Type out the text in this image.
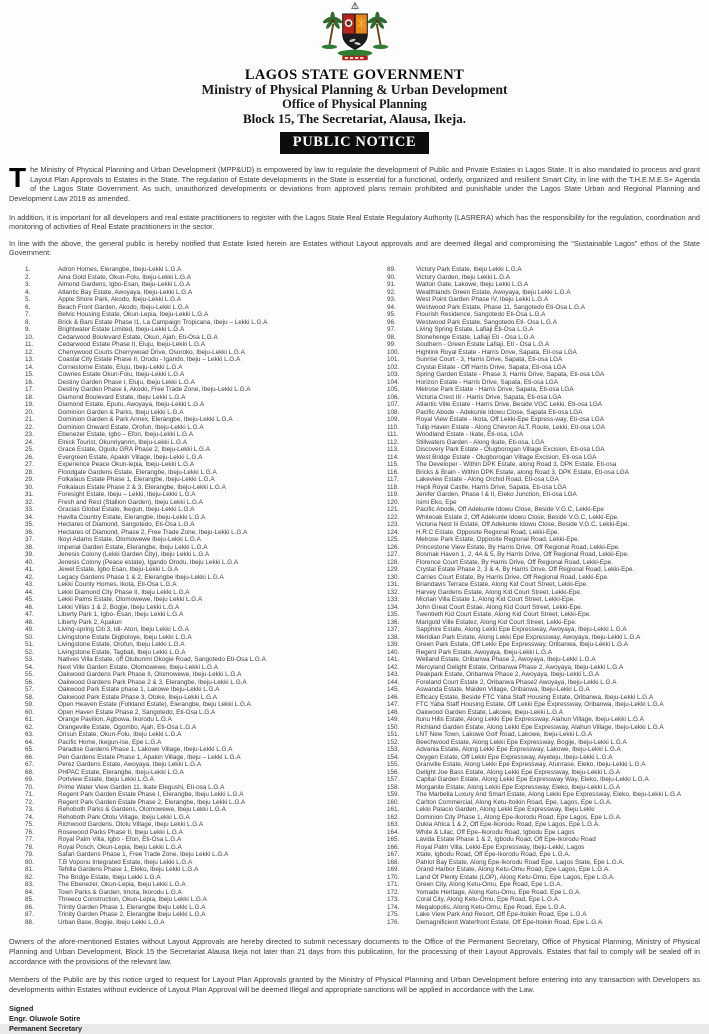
LAGOS STATE GOVERNMENT
Ministry of Physical Planning & Urban Development
Office of Physical Planning
Block 15, The Secretariat, Alausa, Ikeja.
PUBLIC NOTICE
The Ministry of Physical Planning and Urban Development (MPP&UD) is empowered by law to regulate the development of Public and Private Estates in Lagos State. It is also mandated to process and grant Layout Plan Approvals to Estates in the State. The regulation of Estate developments in the State is essential for a functional, orderly, organized and resilient Smart City, in line with the T.H.E.M.E.S+ Agenda of the Lagos State Government. As such, unauthorized developments or deviations from approved plans remain prohibited and punishable under the Lagos State Urban and Regional Planning and Development Law 2019 as amended.
In addition, it is important for all developers and real estate practitioners to register with the Lagos State Real Estate Regulatory Authority (LASRERA) which has the responsibility for the regulation, coordination and monitoring of activities of Real Estate practitioners in the sector.
In line with the above, the general public is hereby notified that Estate listed herein are Estates without Layout approvals and are deemed illegal and compromising the "Sustainable Lagos" ethos of the State Government:
1.	Adron Homes, Elerangbe, Ibeju-Lekki L.G.A
2.	Aina Gold Estate, Okun-Folu, Ibeju-Lekki L.G.A
3.	Almond Gardens, Igbo-Esan, Ibeju-Lekki L.G.A
4.	Atlantic Bay Estate, Awoyaya, Ibeju-Lekki L.G.A
5.	Apple Shore Park, Akodo, Ibeju-Lekki L.G.A
6.	Beach Front Garden, Akodo, Ibeju-Lekki L.G.A
7.	Belvic Housing Estate, Okun-Lepia, Ibeju-Lekki L.G.A
8.	Brick & Bars Estate Phase I1, La Campaign Tropicana, Ibeju – Lekki L.G.A
9.	Brightwater Estate Limited, Ibeju-Lekki L.G.A
10.	Cedarwood Boulevard Estate, Okun, Ajah, Eti-Osa L.G.A
11.	Cedarwood Estate Phase II, Eluju, Ibeju-Lekki L.G.A
12.	Cherrywood Courts Cherrywoad Drive, Osoroko, Ibeju-Lekki L.G.A
13.	Coastal City Estate Phase II, Orudu - Igando, Ibeju – Lekki L.G.A
14.	Cornestorne Estate, Eluju, Ibeju-Lekki L.G.A
15.	Cowries Estate Okun-Folu, Ibeju-Lekki L.G.A
16.	Destiny Garden Phase I, Eluju, Ibeju Lekki L.G.A
17.	Destiny Garden Phase ii, Akodo, Free Trade Zone, Ibeju-Lekki L.G.A
18.	Diamond Boulevard Estate, Ibeju Lekki L.G.A
19.	Diamond Estate, Eputu, Awoyaya, Ibeju-Lekki L.G.A
20.	Dominion Garden & Parks, Ibeju Lekki L.G.A
21.	Dominion Garden & Park Annex, Elerangbe, Ibeju-Lekki L.G.A
22.	Dominion Onward Estate, Orofun, Ibeju-Lekki L.G.A
23.	Ebenezer Estate, Igbo – Efon, Ibeju-Lekki L.G.A
24.	Elnick Tourist, Okunriyanrin, Ibeju-Lekki L.G.A
25.	Grace Estate, Ogudu GRA Phase 2, Ibeju-Lekki L.G.A
26.	Evergreen Estate, Apakin Village, Ibeju-Lekki L.G.A
27.	Experience Peace Okun-lepia, Ibeju-Lekki L.G.A
28.	Floodgate Gardens Estate, Elerangbe, Ibeju-Lekki L.G.A
29.	Folkalaus Estate Phase 1, Elerangbe, Ibeju-Lekki L.G.A
30.	Folkalaus Estate Phase 2 & 3, Elerangbe, Ibeju-Lekki L.G.A
31.	Foresight Estate, Ibeju – Lekki, Ibeju-Lekki L.G.A
32.	Fresh and Rest (Stallion Garden), Ibeju Lekki L.G.A
33.	Gracias Global Estate, Ikegun, Ibeju-Lekki L.G.A
34.	Havilla Country Estate, Elerangbe, Ibeju-Lekki L.G.A
35.	Hectares of Diamond, Sangotedo, Eti-Osa L.G.A
36.	Hectares of Diamond, Phase 2, Free Trade Zone, Ibeju-Lekki L.G.A
37.	Ikoyi Adams Estate, Olomowewe Ibeju-Lekki L.G.A
38.	Imperial Garden Estate, Elerangbe, Ibeju Lekki L.G.A
39.	Jenesis Colony (Lekki Garden City), Ibeju Lekki L.G.A
40.	Jenesis Colony (Peace estate), Igando Orodu, Ibeju Lekki L.G.A
41.	Jewel Estate, Igbo Esan, Ibeju-Lekki L.G.A
42.	Legacy Gardens Phase 1 & 2, Elerangbe Ibeju-Lekki L.G.A
43.	Lekki County Homes, Ikota, Eti-Osa L.G.A
44.	Lekki Diamond City Phase II, Ibeju Lekki L.G.A
45.	Lekki Palms Estate, Olomowewe, Ibeju Lekki L.G.A
46.	Lekki Villas 1 & 2, Bogije, Ibeju Lekki L.G.A
47.	Liberty Park 1, Igbo- Esan, Ibeju Lekki L.G.A
48.	Liberty Park 2, Apakun
49.	Living-spring Citi 3, Idi- Atori, Ibeju Lekki L.G.A
50.	Livingstone Estate Digboloye, Ibeju Lekki L.G.A
51.	Livingstone Estate, Orofun, Ibeju Lekki L.G.A
52.	Livingstone Estate, Tagbati, Ibeju Lekki L.G.A
53.	Natives Villa Estate, off Olubunmi Okogie Road, Sangotedo Eti-Osa L.G.A
54.	Next Ville Garden Estate, Olomowewe, Ibeju-Lekki L.G.A
55.	Oakwood Gardens Park Phase II, Olomowewe, Ibeju-Lekki L.G.A
56.	Oakwood Gardens Park Phase 2 & 3, Elerangbe, Ibeju-Lekki L.G.A
57.	Oakwood Park Estate phase 1, Lakowe Ibeju-Lekki L.G.A
58.	Oakwood Park Estate Phase 3, Otoke, Ibeju-Lekki L.G.A
59.	Open Heaven Estate (Folkland Estate), Elerangbe, Ibeju Lekki L.G.A
60.	Open Haven Estate Phase 2, Sangotedo, Eti-Osa L.G.A
61.	Orange Pavilion, Agbowa, Ikorodu L.G.A
62.	Orangeville Estate, Ogombo, Ajah, Eti-Osa L.G.A
63.	Orisun Estate, Okun-Folu, Ibeju Lekki L.G.A
64.	Pacific Home, Ikegun-Ise, Epe L.G.A
65.	Paradise Gardens Phase 1, Lakowe Village, Ibeju-Lekki L.G.A
66.	Pen Gardens Estate Phase 1, Apakin Village, Ibeju – Lekki L.G.A
67.	Perez Gardens Estate, Awoyaya, Ibeju Lekki L.G.A
68.	PHPAC Estate, Elerangbe, Ibeju-Lekki L.G.A
69.	Portview Estate, Ibeju Lekki L.G.A
70.	Prime Water View Garden 11, Ikate Elegushi, Eti-osa L.G.A
71.	Regent Park Garden Estate Phase I, Elerangbe, Ibeju Lekki L.G.A
72.	Regent Park Garden Estate Phase 2, Elerangbe, Ibeju Lekki L.G.A
73.	Rehoboth Parks & Gardens, Olomowewe, Ibeju Lekki L.G.A
74.	Rehoboth Park Otolu Village, Ibeju Lekki L.G.A
75.	Richwood Gardens, Otolu Village, Ibeju Lekki L.G.A
76.	Rosewood Parks Phase II, Ibeju Lekki L.G.A
77.	Royal Palm Villa, Igbo - Efon, Eti-Osa L.G.A
78.	Royal Posch, Okun-Lepia, Ibeju Lekki L.G.A
79.	Safari Gardens Phase 1, Free Trade Zone, Ibeju Lekki L.G.A
80.	T.B Voponu Integrated Estate, Ibeju Lekki L.G.A
81.	Tehilla Gardens Phase 1, Eleko, Ibeju Lekki L.G.A
82.	The Bridge Estate, Ibeju Lekki L.G.A
83.	The Ebenezer, Okun-Lepia, Ibeju Lekki L.G.A
84.	Town Parks & Garden, Imota, Ikorodu L.G.A
85.	Threeco Construction, Okun-Lepia, Ibeju Lekki L.G.A
86.	Trinity Garden Phase 1, Elerangbe Ibeju Lekki L.G.A
87.	Trinity Garden Phase 2, Elerangbe Ibeju Lekki L.G.A
88.	Urban Base, Bogije, Ibeju Lekki L.G.A
89.	Victory Park Estate, Ibeju Lekki L.G.A
90.	Victory Garden, Ibeju Lekki L.G.A
91.	Walton Gate, Lakowe, Ibeju Lekki L.G.A
92.	Wealthlands Green Estate, Awoyaya, Ibeju Lekki L.G.A
93.	West Point Garden Phase IV, Ibeju Lekki L.G.A
94.	Westwood Park Estate, Phase 11, Sangotedo Eti-Osa L.G.A
95.	Flourish Residence, Sangotedo Eti-Osa L.G.A
96.	Westwood Park Estate, Sangotedo Eti- Osa L.G.A
97.	Living Spring Estate, Lafiaji Eti-Osa L.G.A
98.	Stonehenge Estate, Lafiaji Eti - Osa L.G.A
99.	Southern - Green Estate Lafiaji, Eti - Osa L.G.A
100.	Highlink Royal Estate - Harris Drive, Sapata, Eti-osa LGA
101.	Sunrise Court - 3, Harris Drive, Sapata, Eti-osa LGA
102.	Crystal Estate - Off Harris Drive, Sapata, Eti-osa LGA
103.	Spring Garden Estate - Phase 3, Harris Drive, Sapata, Eti-osa LGA
104.	Horizon Estate - Harris Drive, Sapata, Eti-osa LGA
105.	Melrose Park Estate - Harris Drive, Sapata, Eti-osa LGA
106.	Victoria Crest III - Harris Drive, Sapata, Eti-osa LGA
107.	Atlantic Ville Estate - Harris Drive, Beside VGC Lekki, Eti-osa LGA
108.	Pacific Abode - Adekunle Idowu Close, Sapata Eti-osa LGA
109.	Royal View Estate - Ikota, Off Lekki-Epe Express-way, Eti-osa LGA
110.	Tulip Haven Estate - Along Chevron ALT. Route, Lekki, Eti-osa LGA
111.	Woodland Estate - Ikate, Eti-osa, LGA
112.	Stillwaters Garden - Along Ikate, Eti-osa, LGA
113.	Discovery Park Estate - Olugborogan Village Excision, Eti-osa LGA
114.	West Bridge Estate - Olugborogan Village Excision, Eti-osa LGA
115.	The Developer - Within DPK Estate, along Road 3, DPK Estate, Eti-osa
116.	Bricks & Brain - Within DPK Estate, along Road 3, DPK Estate, Eti-osa LGA
117.	Lakeview Estate - Along Orchid Road, Eti-osa LGA
118.	Hepli Royal Castle, Harris Drive, Sapata, Eti-osa LGA
119.	Jenifer Garden, Phase I & II, Eleko Junction, Eti-osa LGA
120.	Isimi Eko, Epe
121.	Pacific Abode, Off Adekunle Idowu Close, Beside V.G.C, Lekki-Epe
122.	Whiteoak Estate 2, Off Adekunle Idowu Close, Beside V.G.C, Lekki-Epe.
123.	Victoria Nest Iii Estate, Off Adekunle Idowu Close, Beside V.G.C, Lekki-Epe.
124.	H.R.C Estate, Opposite Regional Road, Lekki-Epe.
125.	Melrose Park Estate, Opposite Regional Road, Lekki-Epe.
126.	Princestone View Estate, By Harris Drive, Off Regional Road, Lekki-Epe.
127.	Bosmak Haven 1, 2, 4A & 5, By Harris Drive, Off Regional Road, Lekki-Epe.
128.	Florence Court Estate, By Harris Drive, Off Regional Road, Lekki-Epe.
129.	Crystal Estate Phase 2, 3 & 4, By Harris Drive, Off Regional Road, Lekki-Epe.
130.	Carries Court Estate, By Harris Drive, Off Regional Road, Lekki-Epe.
131.	Briandavis Terrace Estate, Along Kid Court Street, Lekki-Epe.
132.	Harvey Gardens Estate, Along Kid Court Street, Lekki-Epe.
133.	Micrian Villa Estate 1, Along Kid Court Street, Lekki-Epe.
134.	John Great Court Estae, Along Kid Court Street, Lekki-Epe.
135.	Twentieth Kid Court Estate, Along Kid Court Street, Lekki-Epe.
136.	Marigold Ville Estatez, Along Kid Court Street, Lekki-Epe.
137.	Sapphire Estate, Along Lekki Epe Expressway, Awoyaya, Ibeju-Lekki L.G.A
138.	Meridian Park Estate, Along Lekki Epe Expressway, Awoyaya, Ibeju-Lekki L.G.A
139.	Green Park Estate, Off Lekki Epe Expressway, Oribanwa, Ibeju-Lekki L.G.A
140.	Regent Park Estate, Awoyaya, Ibeju-Lekki L.G.A
141.	Wetland Estate, Oribanwa Phase 2, Awoyaya, Ibeju-Lekki L.G.A
142.	Mercyland Delight Estate, Oribanwa Phase 2, Awoyaya, Ibeju-Lekki L.G.A
143.	Peakpark Estate, Oribanwa Phase 2, Awoyaya, Ibeju-Lekki L.G.A
144.	Foreland Court Estate 2, Oribanwa Phase2 Awoyaya, Ibeju-Lekki L.G.A
145.	Aswanda Estate, Maiden Village, Oribanwa, Ibeju-Lekki L.G.A
146.	Efficacy Estate, Beside FTC Yaba Staff Housing Estate, Oribanwa, Ibeju-Lekki L.G.A
147.	FTC Yaba Staff Housing Estate, Off Lekki Epe Expressway, Oribanwa, Ibeju-Lekki L.G.A
148.	Oakwood Garden Estate, Lakowe, Ibeju-Lekki L.G.A
149.	Itunu Hills Estate, Along Lekki Epe Expressway, Alahun Village, Ibeju-Lekki L.G.A
150.	Richland Garden Estate, Along Lekki Epe Expressway, Alahun Village, Ibeju-Lekki L.G.A
151.	LNT New Town, Lakowe Golf Road, Lakowe, Ibeju-Lekki L.G.A
152.	Beechwood Estate, Along Lekki Epe Expressway, Bogije, Ibeju-Lekki L.G.A
153.	Advania Estate, Along Lekki Epe Expressway, Lakowe, Ibeju-Lekki L.G.A
154.	Oxygen Estate, Off Lekki Epe Expressway, Aiyeteju, Ibeju-Lekki L.G.A
155.	Granville Estate, Along Lekki Epe Expressway, Atunrase, Eleko, Ibeju-Lekki L.G.A
156.	Delight Joe Bass Estate, Along Lekki Epe Expressway, Ibeju-Lekki L.G.A
157.	Capital Garden Estate, Along Lekki Epe Expressway Way, Eleko, Ibeju-Lekki L.G.A
158.	Morganite Estate, Along Lekki Epe Expressway, Eleko, Ibeju-Lekki L.G.A
159.	The Marbella Luxury And Smart Estate, Along Lekki Epe Expressway, Eleko, Ibeju-Lekki L.G.A
160.	Carlton Commercial, Along Ketu-Itoikin Road, Epe, Lagos, Epe L.G.A.
161.	Lekki Palacio Garden, Along Lekki Epe Expressway, Ibeju Lekki
162.	Dominion City Phase 1, Along Epe-Ikorodu Road, Epe Lagos, Epe L.G.A.
163.	Dukia Africa 1 & 2, Off Epe-Ikorodu Road, Epe Lagos, Epe L.G.A.
164.	White & Lilac, Off Epe–Ikorodu Road, Igbodu Epe Lagos
165.	Lavida Estate Phase 1 & 2, Igbodu Road, Off Epe-Ikorodu Road
166.	Royal Palm Villa, Lekki-Epe Expressway, Ibeju-Lekki, Lagos
167.	Xtate, Igbodu Road, Off Epe-Ikorodu Road, Epe L.G.A.
168.	Patriot Bay Estate, Along Epe-Ikorodu Road Epe, Lagos State, Epe L.G.A.
169.	Grand Harbor Estate, Along Ketu-Omu Road, Epe Lagos, Epe L.G.A.
170.	Land Of Plenty Estate (LOP), Along Ketu-Omu, Epe Lagos, Epe L.G.A.
171.	Green City, Along Ketu-Omu, Epe Road, Epe L.G.A.
172.	Yomade Heritage, Along Ketu-Omu, Epe Road, Epe L.G.A.
173.	Coral City, Along Ketu-Omu, Epe Road, Epe L.G.A.
174.	Megalopolis, Along Ketu-Omu, Epe Road, Epe L.G.A.
175.	Lake View Park And Resort, Off Epe-Itoikin Road, Epe L.G.A
176.	Demagnificient Waterfront Estate, Off Epe-Itoikin Road, Epe L.G.A
Owners of the afore-mentioned Estates without Layout Approvals are hereby directed to submit necessary documents to the Office of the Permanent Secretary, Office of Physical Planning, Ministry of Physical Planning and Urban Development, Block 15 the Secretariat Alausa Ikeja not later than 21 days from this publication, for the processing of their Layout Approvals. Estates that fail to comply will be sealed off in accordance with the provisions of the relevant law.
Members of the Public are by this notice urged to request for Layout Plan Approvals granted by the Ministry of Physical Planning and Urban Development before entering into any transaction with Developers as developments within Estates without evidence of Layout Plan Approval will be deemed Illegal and appropriate sanctions will be applied in accordance with the Law.
Signed
Engr. Oluwole Sotire
Permanent Secretary
